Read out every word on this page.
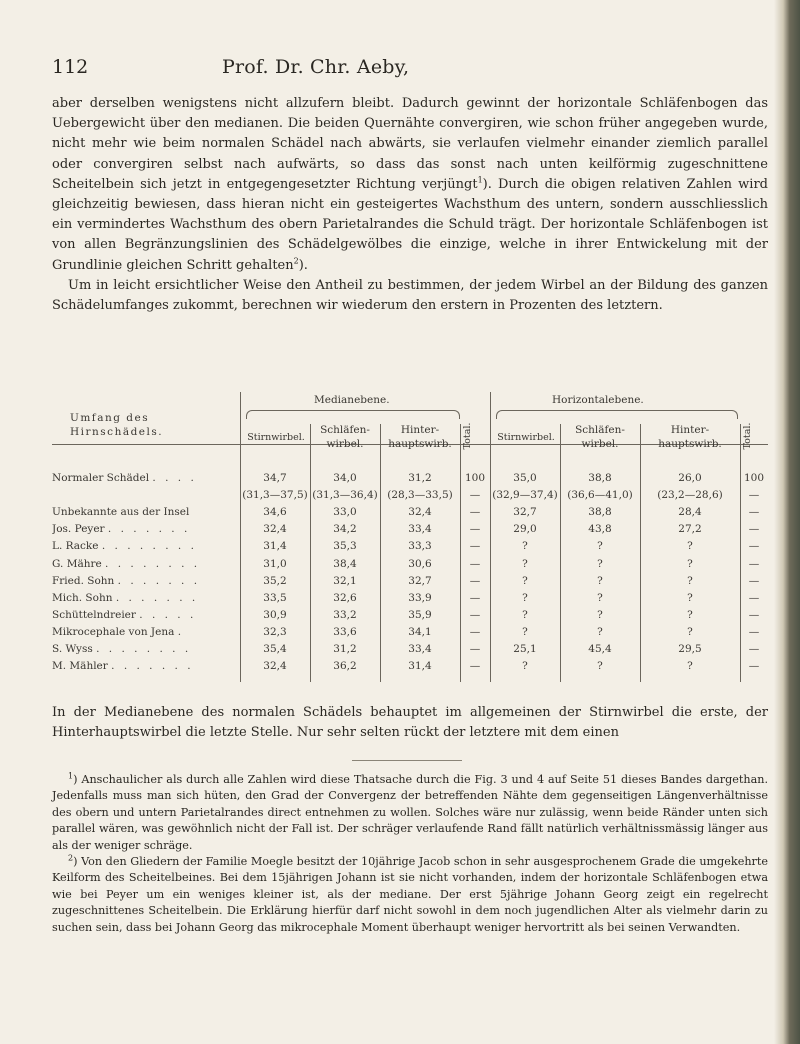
112	Prof. Dr. Chr. Aeby,

aber derselben wenigstens nicht allzufern bleibt. Dadurch gewinnt der horizontale Schläfenbogen das Uebergewicht über den medianen. Die beiden Quernähte convergiren, wie schon früher angegeben wurde, nicht mehr wie beim normalen Schädel nach abwärts, sie verlaufen vielmehr einander ziemlich parallel oder convergiren selbst nach aufwärts, so dass das sonst nach unten keilförmig zugeschnittene Scheitelbein sich jetzt in entgegengesetzter Richtung verjüngt$^1$). Durch die obigen relativen Zahlen wird gleichzeitig bewiesen, dass hieran nicht ein gesteigertes Wachsthum des untern, sondern ausschliesslich ein vermindertes Wachsthum des obern Parietalrandes die Schuld trägt. Der horizontale Schläfenbogen ist von allen Begränzungslinien des Schädelgewölbes die einzige, welche in ihrer Entwickelung mit der Grundlinie gleichen Schritt gehalten$^2$).

Um in leicht ersichtlicher Weise den Antheil zu bestimmen, der jedem Wirbel an der Bildung des ganzen Schädelumfanges zukommt, berechnen wir wiederum den erstern in Prozenten des letztern.

Umfang des
Hirnschädels.
Medianebene.	Horizontalebene.
Stirnwirbel.
Schläfen-
wirbel.
Hinter-
hauptswirb.	Total.	Stirnwirbel.
Schläfen-
wirbel.
Hinter-
hauptswirb.	Total.
Normaler Schädel . . . .	34,7	34,0	31,2	100	35,0	38,8	26,0	100
(31,3—37,5) (31,3—36,4) (28,3—33,5)	—	(32,9—37,4) (36,6—41,0)	(23,2—28,6)	—
Unbekannte aus der Insel	34,6	33,0	32,4	—	32,7	38,8	28,4	—
Jos. Peyer . . . . . . .	32,4	34,2	33,4	—	29,0	43,8	27,2	—
L. Racke . . . . . . . .	31,4	35,3	33,3	—	?	?	?	—
G. Mähre . . . . . . . .	31,0	38,4	30,6	—	?	?	?	—
Fried. Sohn . . . . . . .	35,2	32,1	32,7	—	?	?	?	—
Mich. Sohn . . . . . . .	33,5	32,6	33,9	—	?	?	?	—
Schüttelndreier . . . . .	30,9	33,2	35,9	—	?	?	?	—
Mikrocephale von Jena .	32,3	33,6	34,1	—	?	?	?	—
S. Wyss . . . . . . . .	35,4	31,2	33,4	—	25,1	45,4	29,5	—
M. Mähler . . . . . . .	32,4	36,2	31,4	—	?	?	?	—
In der Medianebene des normalen Schädels behauptet im allgemeinen der Stirnwirbel die erste, der Hinterhauptswirbel die letzte Stelle. Nur sehr selten rückt der letztere mit dem einen

$^1$) Anschaulicher als durch alle Zahlen wird diese Thatsache durch die Fig. 3 und 4 auf Seite 51 dieses Bandes dargethan. Jedenfalls muss man sich hüten, den Grad der Convergenz der betreffenden Nähte dem gegenseitigen Längenverhältnisse des obern und untern Parietalrandes direct entnehmen zu wollen. Solches wäre nur zulässig, wenn beide Ränder unten sich parallel wären, was gewöhnlich nicht der Fall ist. Der schräger verlaufende Rand fällt natürlich verhältnissmässig länger aus als der weniger schräge.

$^2$) Von den Gliedern der Familie Moegle besitzt der 10jährige Jacob schon in sehr ausgesprochenem Grade die umgekehrte Keilform des Scheitelbeines. Bei dem 15jährigen Johann ist sie nicht vorhanden, indem der horizontale Schläfenbogen etwa wie bei Peyer um ein weniges kleiner ist, als der mediane. Der erst 5jährige Johann Georg zeigt ein regelrecht zugeschnittenes Scheitelbein. Die Erklärung hierfür darf nicht sowohl in dem noch jugendlichen Alter als vielmehr darin zu suchen sein, dass bei Johann Georg das mikrocephale Moment überhaupt weniger hervortritt als bei seinen Verwandten.
